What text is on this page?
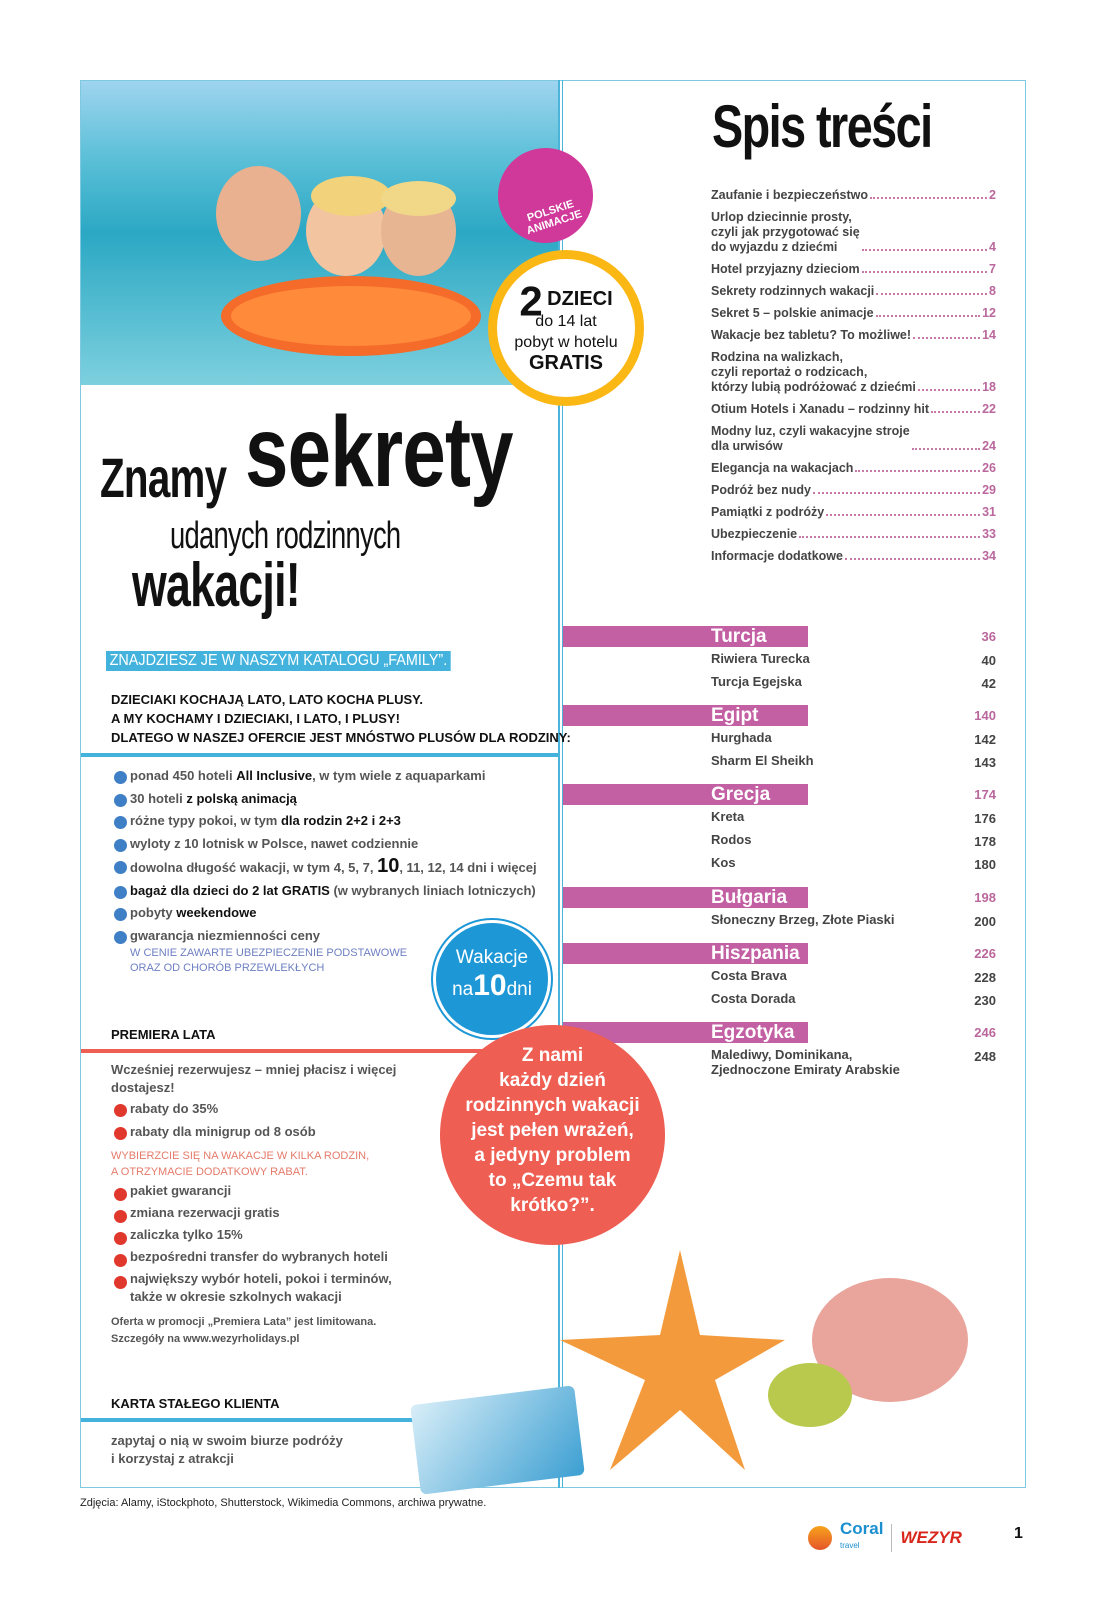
POLSKIE ANIMACJE
2 DZIECI
do 14 lat
pobyt w hotelu
GRATIS
Spis treści
Zaufanie i bezpieczeństwo	2
Urlop dziecinnie prosty,
czyli jak przygotować się
do wyjazdu z dziećmi	4
Hotel przyjazny dzieciom	7
Sekrety rodzinnych wakacji	8
Sekret 5 – polskie animacje	12
Wakacje bez tabletu? To możliwe!	14
Rodzina na walizkach,
czyli reportaż o rodzicach,
którzy lubią podróżować z dziećmi	18
Otium Hotels i Xanadu – rodzinny hit	22
Modny luz, czyli wakacyjne stroje
dla urwisów	24
Elegancja na wakacjach	26
Podróż bez nudy	29
Pamiątki z podróży	31
Ubezpieczenie	33
Informacje dodatkowe	34
Turcja	36
Riwiera Turecka	40
Turcja Egejska	42
Egipt	140
Hurghada	142
Sharm El Sheikh	143
Grecja	174
Kreta	176
Rodos	178
Kos	180
Bułgaria	198
Słoneczny Brzeg, Złote Piaski	200
Hiszpania	226
Costa Brava	228
Costa Dorada	230
Egzotyka	246
Malediwy, Dominikana,
Zjednoczone Emiraty Arabskie
248
Znamy sekrety
udanych rodzinnych
wakacji!
ZNAJDZIESZ JE W NASZYM KATALOGU „FAMILY”.
DZIECIAKI KOCHAJĄ LATO, LATO KOCHA PLUSY.
A MY KOCHAMY I DZIECIAKI, I LATO, I PLUSY!
DLATEGO W NASZEJ OFERCIE JEST MNÓSTWO PLUSÓW DLA RODZINY:
ponad 450 hoteli All Inclusive, w tym wiele z aquaparkami
30 hoteli z polską animacją
różne typy pokoi, w tym dla rodzin 2+2 i 2+3
wyloty z 10 lotnisk w Polsce, nawet codziennie
dowolna długość wakacji, w tym 4, 5, 7, 10, 11, 12, 14 dni i więcej
bagaż dla dzieci do 2 lat GRATIS (w wybranych liniach lotniczych)
pobyty weekendowe
gwarancja niezmienności ceny
W CENIE ZAWARTE UBEZPIECZENIE PODSTAWOWE
ORAZ OD CHORÓB PRZEWLEKŁYCH	Wakacje
na10dni
PREMIERA LATA
Wcześniej rezerwujesz – mniej płacisz i więcej
dostajesz!
rabaty do 35%
rabaty dla minigrup od 8 osób
WYBIERZCIE SIĘ NA WAKACJE W KILKA RODZIN,
A OTRZYMACIE DODATKOWY RABAT.
pakiet gwarancji
zmiana rezerwacji gratis
zaliczka tylko 15%
bezpośredni transfer do wybranych hoteli
największy wybór hoteli, pokoi i terminów,
także w okresie szkolnych wakacji
Oferta w promocji „Premiera Lata” jest limitowana.
Szczegóły na www.wezyrholidays.pl
Z nami
każdy dzień
rodzinnych wakacji
jest pełen wrażeń,
a jedyny problem
to „Czemu tak
krótko?”.
KARTA STAŁEGO KLIENTA
zapytaj o nią w swoim biurze podróży
i korzystaj z atrakcji
Zdjęcia: Alamy, iStockphoto, Shutterstock, Wikimedia Commons, archiwa prywatne.
Coral
travel	WEZYR	1
